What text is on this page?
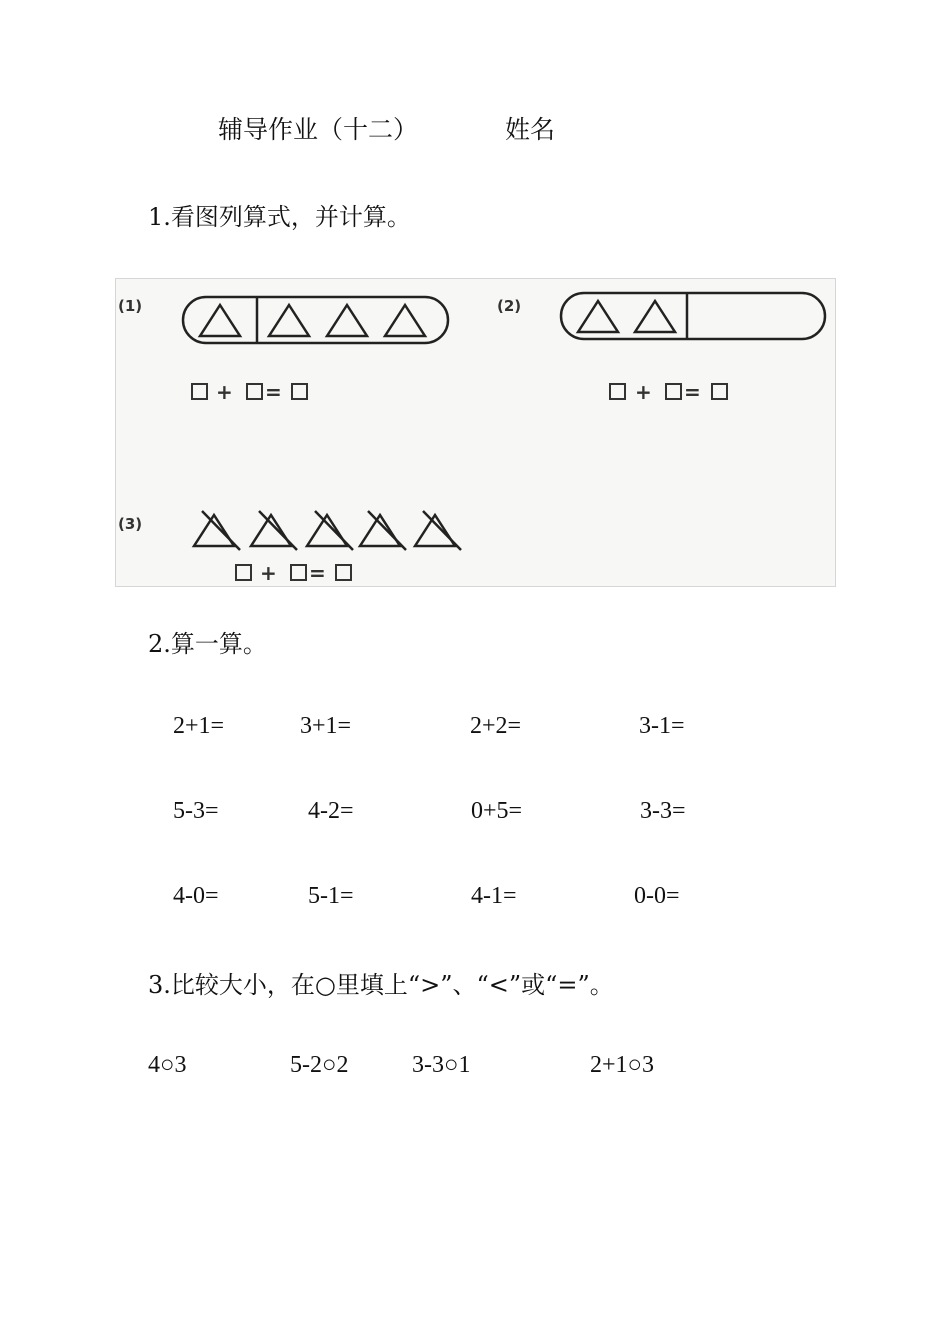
辅导作业（十二）	姓名
1.看图列算式，并计算。
(1)
+ =
(2)
+ =
(3)
+ =
2.算一算。
2+1=	3+1=	2+2=	3-1=
5-3=	4-2=	0+5=	3-3=
4-0=	5-1=	4-1=	0-0=
3.比较大小，在○里填上“>”、“<”或“=”。
4○3	5-2○2	3-3○1	2+1○3
